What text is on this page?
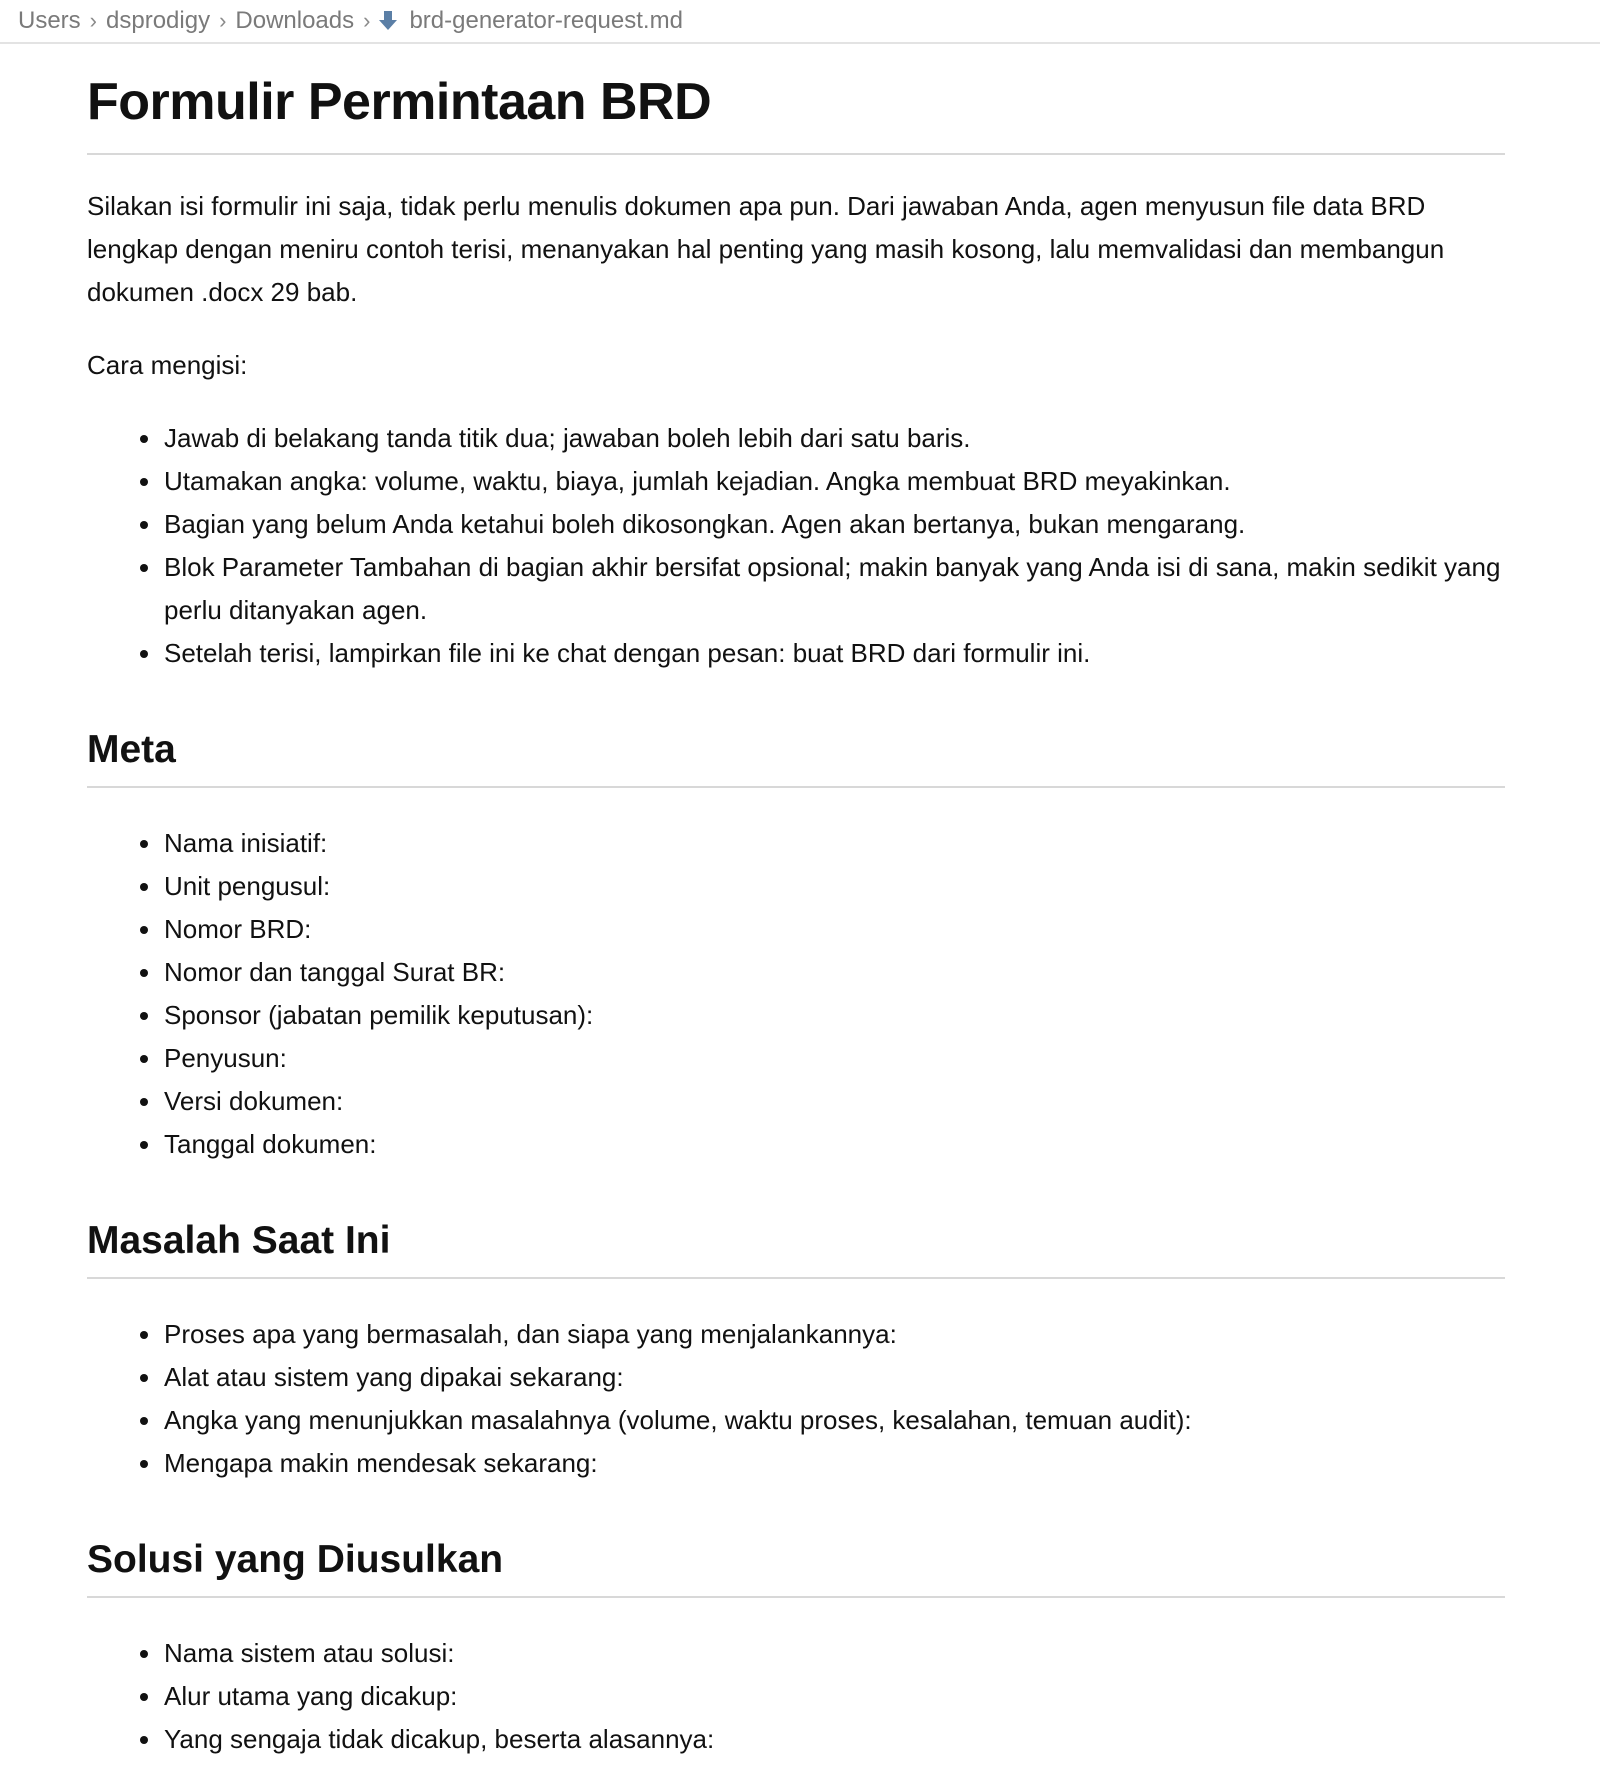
Users › dsprodigy › Downloads › brd-generator-request.md
Formulir Permintaan BRD

Silakan isi formulir ini saja, tidak perlu menulis dokumen apa pun. Dari jawaban Anda, agen menyusun file data BRD lengkap dengan meniru contoh terisi, menanyakan hal penting yang masih kosong, lalu memvalidasi dan membangun dokumen .docx 29 bab.

Cara mengisi:

Jawab di belakang tanda titik dua; jawaban boleh lebih dari satu baris.
Utamakan angka: volume, waktu, biaya, jumlah kejadian. Angka membuat BRD meyakinkan.
Bagian yang belum Anda ketahui boleh dikosongkan. Agen akan bertanya, bukan mengarang.
Blok Parameter Tambahan di bagian akhir bersifat opsional; makin banyak yang Anda isi di sana, makin sedikit yang perlu ditanyakan agen.
Setelah terisi, lampirkan file ini ke chat dengan pesan: buat BRD dari formulir ini.
Meta
Nama inisiatif:
Unit pengusul:
Nomor BRD:
Nomor dan tanggal Surat BR:
Sponsor (jabatan pemilik keputusan):
Penyusun:
Versi dokumen:
Tanggal dokumen:
Masalah Saat Ini
Proses apa yang bermasalah, dan siapa yang menjalankannya:
Alat atau sistem yang dipakai sekarang:
Angka yang menunjukkan masalahnya (volume, waktu proses, kesalahan, temuan audit):
Mengapa makin mendesak sekarang:
Solusi yang Diusulkan
Nama sistem atau solusi:
Alur utama yang dicakup:
Yang sengaja tidak dicakup, beserta alasannya:
